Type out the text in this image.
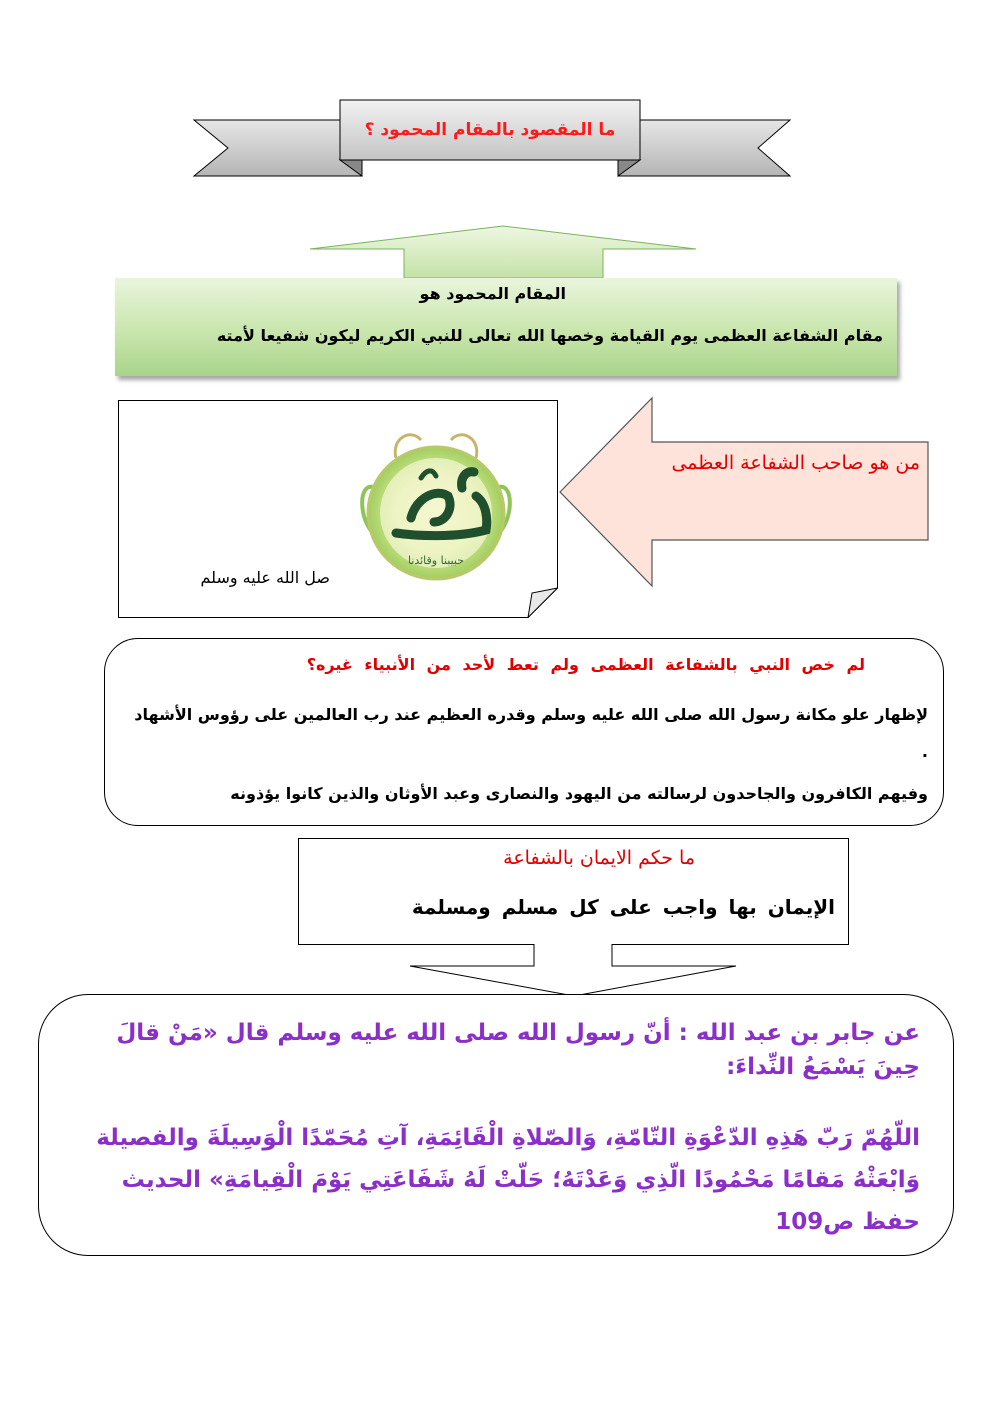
ما المقصود بالمقام المحمود ؟
المقام المحمود هو
مقام الشفاعة العظمى يوم القيامة وخصها الله تعالى للنبي الكريم ليكون شفيعا لأمته
حبيبنا وقائدنا
صل الله عليه وسلم
من هو صاحب الشفاعة العظمى
لم خص النبي بالشفاعة العظمى ولم تعط لأحد من الأنبياء غيره؟
لإظهار علو مكانة رسول الله صلى الله عليه وسلم وقدره العظيم عند رب العالمين على رؤوس الأشهاد .
وفيهم الكافرون والجاحدون لرسالته من اليهود والنصارى وعبد الأوثان والذين كانوا يؤذونه
ما حكم الايمان بالشفاعة
الإيمان بها واجب على كل مسلم ومسلمة
عن جابر بن عبد الله : أنّ رسول الله صلى الله عليه وسلم قال «مَنْ قالَ حِينَ يَسْمَعُ النِّداءَ:
اللّهُمّ رَبّ هَذِهِ الدّعْوَةِ التّامّةِ، وَالصّلاةِ الْقَائِمَةِ، آتِ مُحَمّدًا الْوَسِيلَةَ والفصيلة وَابْعَثْهُ مَقامًا مَحْمُودًا الّذِي وَعَدْتَهُ؛ حَلّتْ لَهُ شَفَاعَتِي يَوْمَ الْقِيامَةِ» الحديث حفظ ص109
